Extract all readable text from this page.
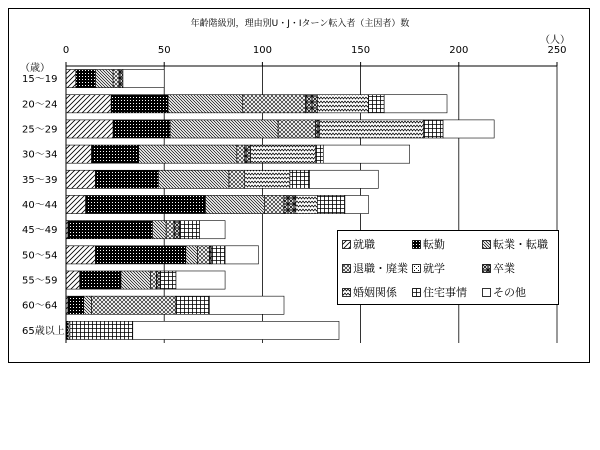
年齢階級別，理由別U・J・Iターン転入者（主因者）数
（人）
（歳）
0	50	100	150	200	250
15～19
20～24
25～29
30～34
35～39
40～44
45～49
50～54
55～59
60～64
65歳以上
就職	転勤	転業・転職
退職・廃業	就学	卒業
婚姻関係	住宅事情	その他
